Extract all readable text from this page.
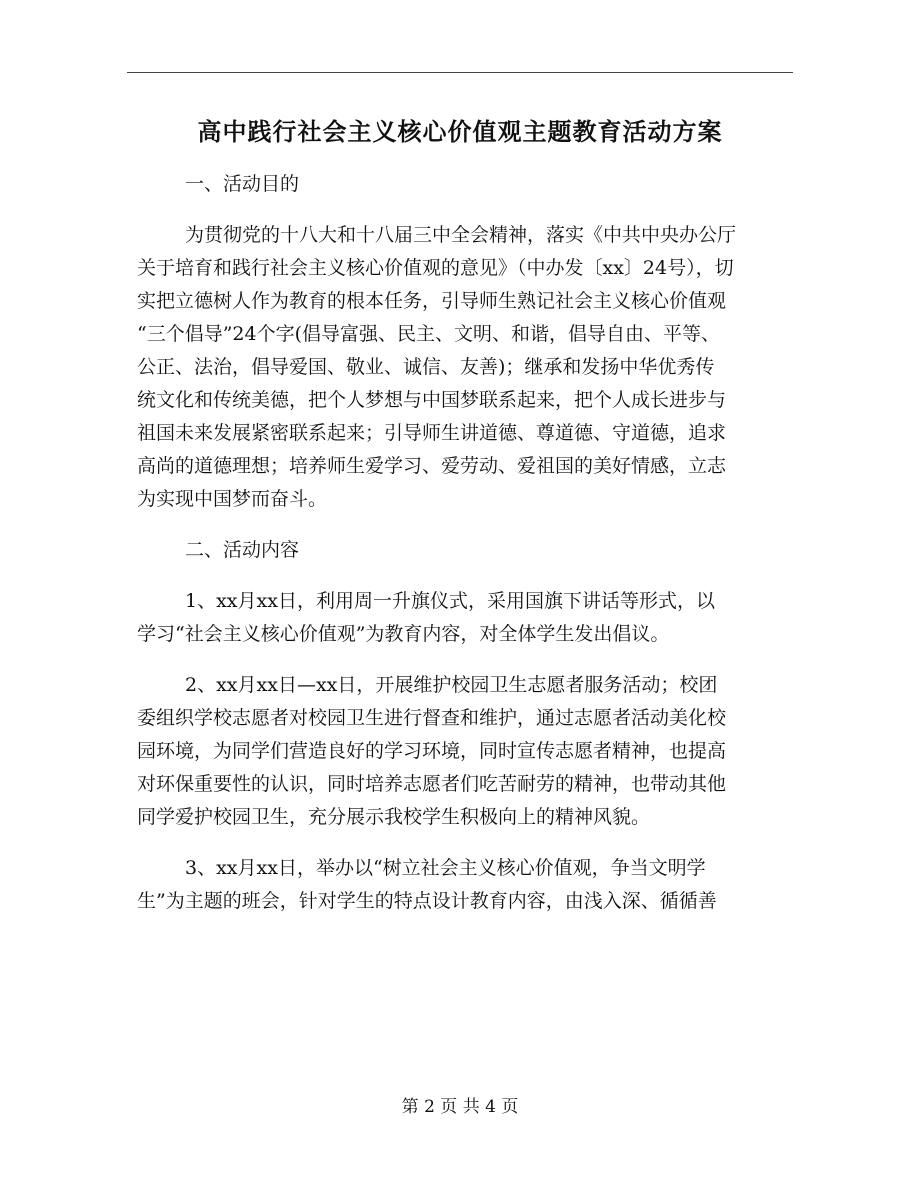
高中践行社会主义核心价值观主题教育活动方案
一、活动目的

为贯彻党的十八大和十八届三中全会精神，落实《中共中央办公厅

关于培育和践行社会主义核心价值观的意见》（中办发〔xx〕24号），切

实把立德树人作为教育的根本任务，引导师生熟记社会主义核心价值观

“三个倡导”24个字(倡导富强、民主、文明、和谐，倡导自由、平等、

公正、法治，倡导爱国、敬业、诚信、友善)；继承和发扬中华优秀传

统文化和传统美德，把个人梦想与中国梦联系起来，把个人成长进步与

祖国未来发展紧密联系起来；引导师生讲道德、尊道德、守道德，追求

高尚的道德理想；培养师生爱学习、爱劳动、爱祖国的美好情感，立志

为实现中国梦而奋斗。

二、活动内容

1、xx月xx日，利用周一升旗仪式，采用国旗下讲话等形式，以

学习“社会主义核心价值观”为教育内容，对全体学生发出倡议。

2、xx月xx日—xx日，开展维护校园卫生志愿者服务活动；校团

委组织学校志愿者对校园卫生进行督查和维护，通过志愿者活动美化校

园环境，为同学们营造良好的学习环境，同时宣传志愿者精神，也提高

对环保重要性的认识，同时培养志愿者们吃苦耐劳的精神，也带动其他

同学爱护校园卫生，充分展示我校学生积极向上的精神风貌。

3、xx月xx日，举办以“树立社会主义核心价值观，争当文明学

生”为主题的班会，针对学生的特点设计教育内容，由浅入深、循循善

第 2 页 共 4 页
